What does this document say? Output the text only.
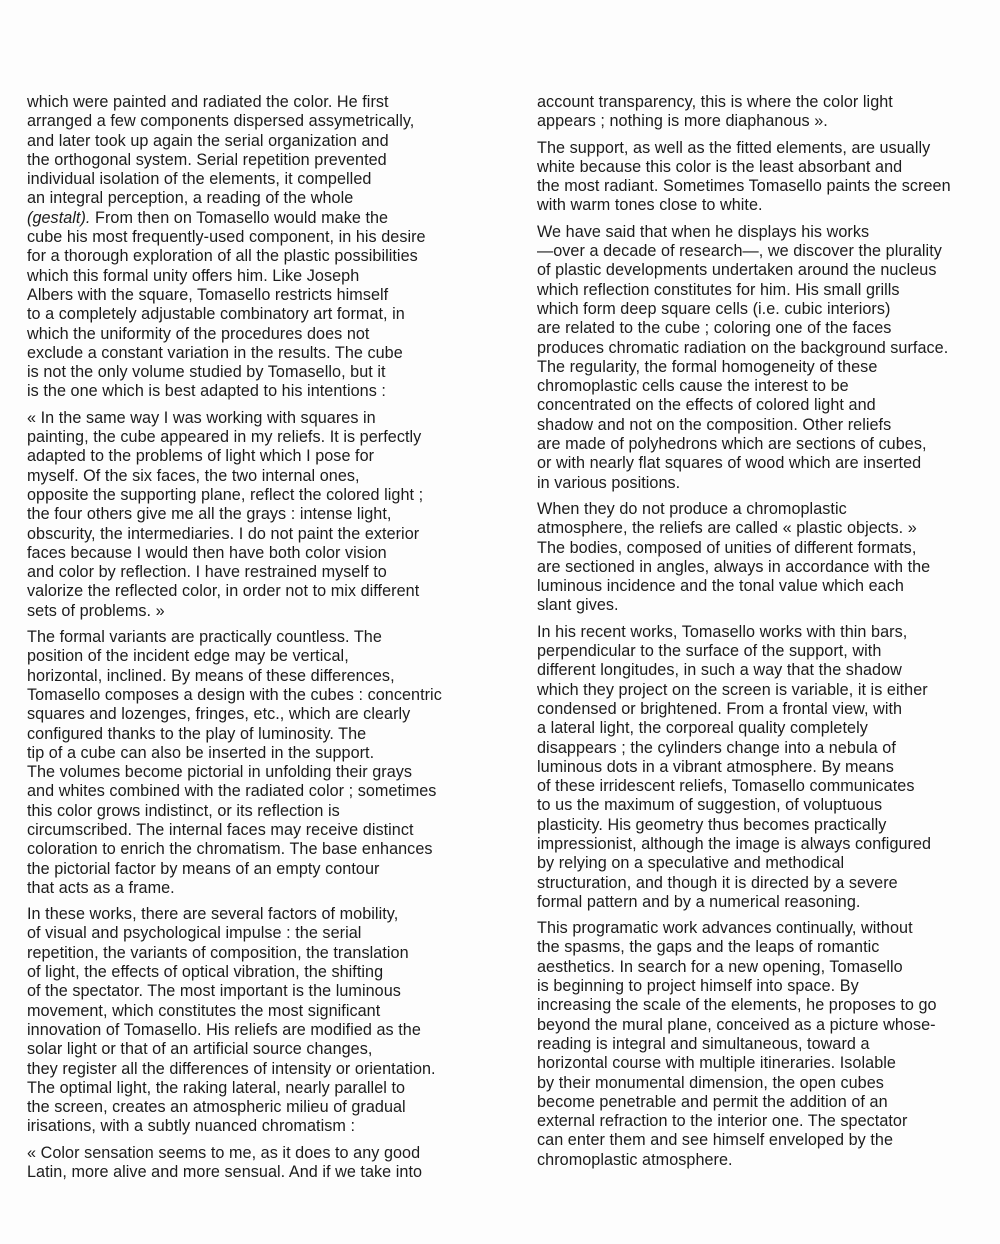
which were painted and radiated the color. He first
arranged a few components dispersed assymetrically,
and later took up again the serial organization and
the orthogonal system. Serial repetition prevented
individual isolation of the elements, it compelled
an integral perception, a reading of the whole
(gestalt). From then on Tomasello would make the
cube his most frequently-used component, in his desire
for a thorough exploration of all the plastic possibilities
which this formal unity offers him. Like Joseph
Albers with the square, Tomasello restricts himself
to a completely adjustable combinatory art format, in
which the uniformity of the procedures does not
exclude a constant variation in the results. The cube
is not the only volume studied by Tomasello, but it
is the one which is best adapted to his intentions :

« In the same way I was working with squares in
painting, the cube appeared in my reliefs. It is perfectly
adapted to the problems of light which I pose for
myself. Of the six faces, the two internal ones,
opposite the supporting plane, reflect the colored light ;
the four others give me all the grays : intense light,
obscurity, the intermediaries. I do not paint the exterior
faces because I would then have both color vision
and color by reflection. I have restrained myself to
valorize the reflected color, in order not to mix different
sets of problems. »

The formal variants are practically countless. The
position of the incident edge may be vertical,
horizontal, inclined. By means of these differences,
Tomasello composes a design with the cubes : concentric
squares and lozenges, fringes, etc., which are clearly
configured thanks to the play of luminosity. The
tip of a cube can also be inserted in the support.
The volumes become pictorial in unfolding their grays
and whites combined with the radiated color ; sometimes
this color grows indistinct, or its reflection is
circumscribed. The internal faces may receive distinct
coloration to enrich the chromatism. The base enhances
the pictorial factor by means of an empty contour
that acts as a frame.

In these works, there are several factors of mobility,
of visual and psychological impulse : the serial
repetition, the variants of composition, the translation
of light, the effects of optical vibration, the shifting
of the spectator. The most important is the luminous
movement, which constitutes the most significant
innovation of Tomasello. His reliefs are modified as the
solar light or that of an artificial source changes,
they register all the differences of intensity or orientation.
The optimal light, the raking lateral, nearly parallel to
the screen, creates an atmospheric milieu of gradual
irisations, with a subtly nuanced chromatism :

« Color sensation seems to me, as it does to any good
Latin, more alive and more sensual. And if we take into

account transparency, this is where the color light
appears ; nothing is more diaphanous ».

The support, as well as the fitted elements, are usually
white because this color is the least absorbant and
the most radiant. Sometimes Tomasello paints the screen
with warm tones close to white.

We have said that when he displays his works
—over a decade of research—, we discover the plurality
of plastic developments undertaken around the nucleus
which reflection constitutes for him. His small grills
which form deep square cells (i.e. cubic interiors)
are related to the cube ; coloring one of the faces
produces chromatic radiation on the background surface.
The regularity, the formal homogeneity of these
chromoplastic cells cause the interest to be
concentrated on the effects of colored light and
shadow and not on the composition. Other reliefs
are made of polyhedrons which are sections of cubes,
or with nearly flat squares of wood which are inserted
in various positions.

When they do not produce a chromoplastic
atmosphere, the reliefs are called « plastic objects. »
The bodies, composed of unities of different formats,
are sectioned in angles, always in accordance with the
luminous incidence and the tonal value which each
slant gives.

In his recent works, Tomasello works with thin bars,
perpendicular to the surface of the support, with
different longitudes, in such a way that the shadow
which they project on the screen is variable, it is either
condensed or brightened. From a frontal view, with
a lateral light, the corporeal quality completely
disappears ; the cylinders change into a nebula of
luminous dots in a vibrant atmosphere. By means
of these irridescent reliefs, Tomasello communicates
to us the maximum of suggestion, of voluptuous
plasticity. His geometry thus becomes practically
impressionist, although the image is always configured
by relying on a speculative and methodical
structuration, and though it is directed by a severe
formal pattern and by a numerical reasoning.

This programatic work advances continually, without
the spasms, the gaps and the leaps of romantic
aesthetics. In search for a new opening, Tomasello
is beginning to project himself into space. By
increasing the scale of the elements, he proposes to go
beyond the mural plane, conceived as a picture whose-
reading is integral and simultaneous, toward a
horizontal course with multiple itineraries. Isolable
by their monumental dimension, the open cubes
become penetrable and permit the addition of an
external refraction to the interior one. The spectator
can enter them and see himself enveloped by the
chromoplastic atmosphere.
